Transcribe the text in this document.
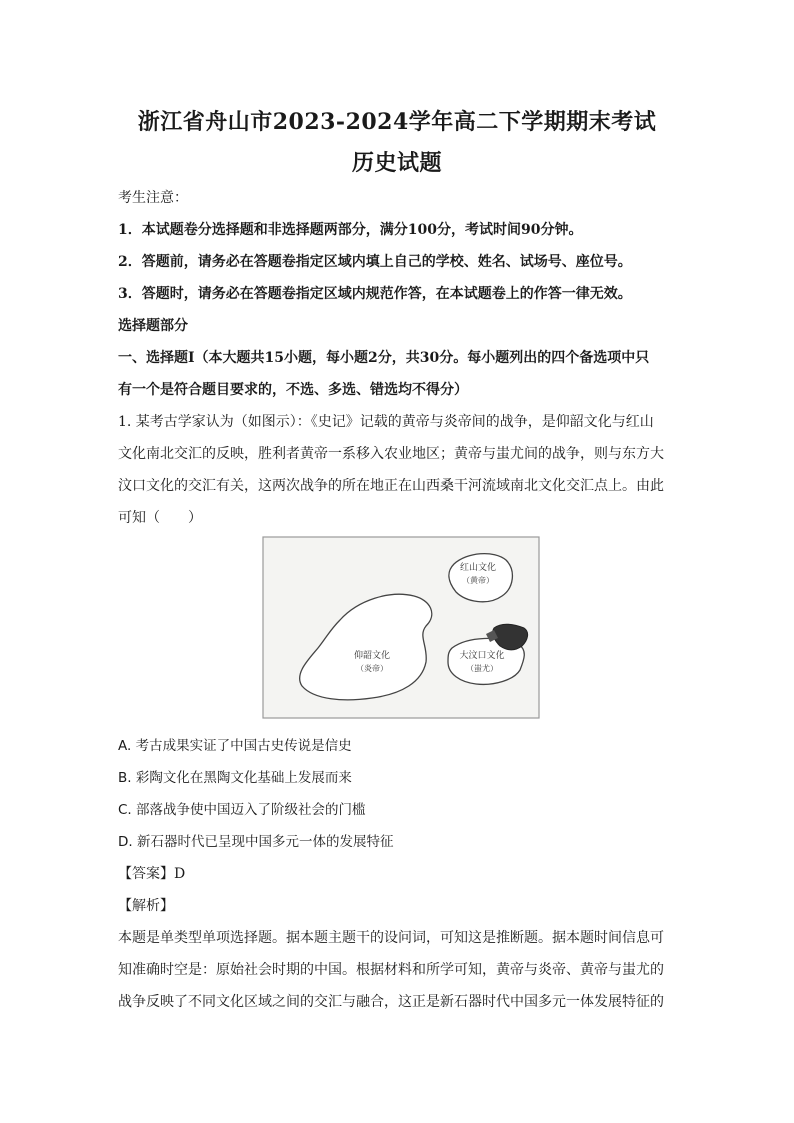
浙江省舟山市2023-2024学年高二下学期期末考试
历史试题
考生注意：
1．本试题卷分选择题和非选择题两部分，满分100分，考试时间90分钟。
2．答题前，请务必在答题卷指定区域内填上自己的学校、姓名、试场号、座位号。
3．答题时，请务必在答题卷指定区域内规范作答，在本试题卷上的作答一律无效。
选择题部分
一、选择题Ⅰ（本大题共15小题，每小题2分，共30分。每小题列出的四个备选项中只
有一个是符合题目要求的，不选、多选、错选均不得分）
1. 某考古学家认为（如图示）：《史记》记载的黄帝与炎帝间的战争，是仰韶文化与红山
文化南北交汇的反映，胜利者黄帝一系移入农业地区；黄帝与蚩尤间的战争，则与东方大
汶口文化的交汇有关，这两次战争的所在地正在山西桑干河流域南北文化交汇点上。由此
可知（　　）
红山文化
（黄帝）
仰韶文化
（炎帝）
大汶口文化
（蚩尤）
A. 考古成果实证了中国古史传说是信史
B. 彩陶文化在黑陶文化基础上发展而来
C. 部落战争使中国迈入了阶级社会的门槛
D. 新石器时代已呈现中国多元一体的发展特征
【答案】D
【解析】
本题是单类型单项选择题。据本题主题干的设问词，可知这是推断题。据本题时间信息可
知准确时空是：原始社会时期的中国。根据材料和所学可知，黄帝与炎帝、黄帝与蚩尤的
战争反映了不同文化区域之间的交汇与融合，这正是新石器时代中国多元一体发展特征的
